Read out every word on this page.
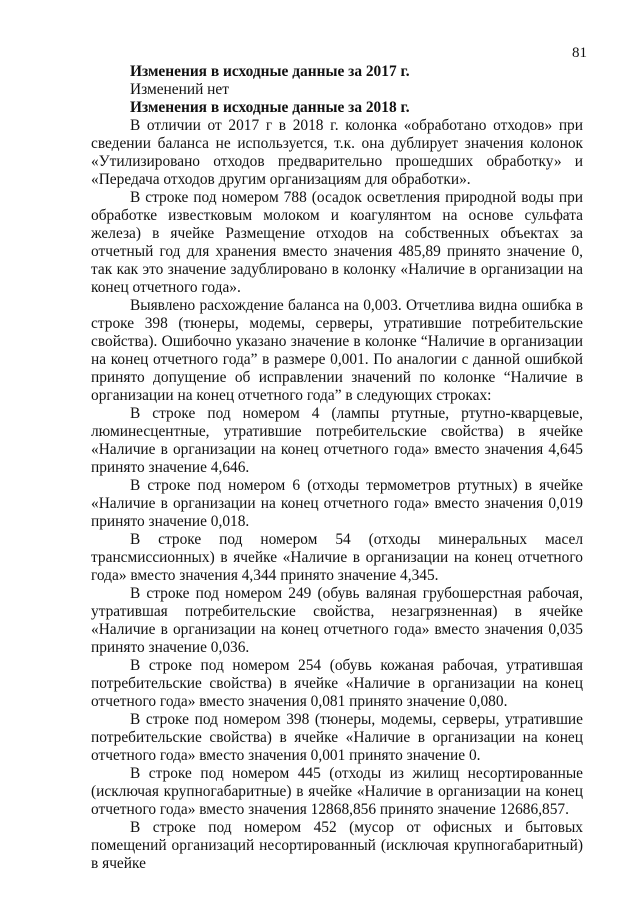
81

Изменения в исходные данные за 2017 г.

Изменений нет

Изменения в исходные данные за 2018 г.

В отличии от 2017 г в 2018 г. колонка «обработано отходов» при сведении баланса не используется, т.к. она дублирует значения колонок «Утилизировано отходов предварительно прошедших обработку» и «Передача отходов другим организациям для обработки».

В строке под номером 788 (осадок осветления природной воды при обработке известковым молоком и коагулянтом на основе сульфата железа) в ячейке Размещение отходов на собственных объектах за отчетный год для хранения вместо значения 485,89 принято значение 0, так как это значение задублировано в колонку «Наличие в организации на конец отчетного года».

Выявлено расхождение баланса на 0,003. Отчетлива видна ошибка в строке 398 (тюнеры, модемы, серверы, утратившие потребительские свойства). Ошибочно указано значение в колонке “Наличие в организации на конец отчетного года” в размере 0,001. По аналогии с данной ошибкой принято допущение об исправлении значений по колонке “Наличие в организации на конец отчетного года” в следующих строках:

В строке под номером 4 (лампы ртутные, ртутно-кварцевые, люминесцентные, утратившие потребительские свойства) в ячейке «Наличие в организации на конец отчетного года» вместо значения 4,645 принято значение 4,646.

В строке под номером 6 (отходы термометров ртутных) в ячейке «Наличие в организации на конец отчетного года» вместо значения 0,019 принято значение 0,018.

В строке под номером 54 (отходы минеральных масел трансмиссионных) в ячейке «Наличие в организации на конец отчетного года» вместо значения 4,344 принято значение 4,345.

В строке под номером 249 (обувь валяная грубошерстная рабочая, утратившая потребительские свойства, незагрязненная) в ячейке «Наличие в организации на конец отчетного года» вместо значения 0,035 принято значение 0,036.

В строке под номером 254 (обувь кожаная рабочая, утратившая потребительские свойства) в ячейке «Наличие в организации на конец отчетного года» вместо значения 0,081 принято значение 0,080.

В строке под номером 398 (тюнеры, модемы, серверы, утратившие потребительские свойства) в ячейке «Наличие в организации на конец отчетного года» вместо значения 0,001 принято значение 0.

В строке под номером 445 (отходы из жилищ несортированные (исключая крупногабаритные) в ячейке «Наличие в организации на конец отчетного года» вместо значения 12868,856 принято значение 12686,857.

В строке под номером 452 (мусор от офисных и бытовых помещений организаций несортированный (исключая крупногабаритный) в ячейке
